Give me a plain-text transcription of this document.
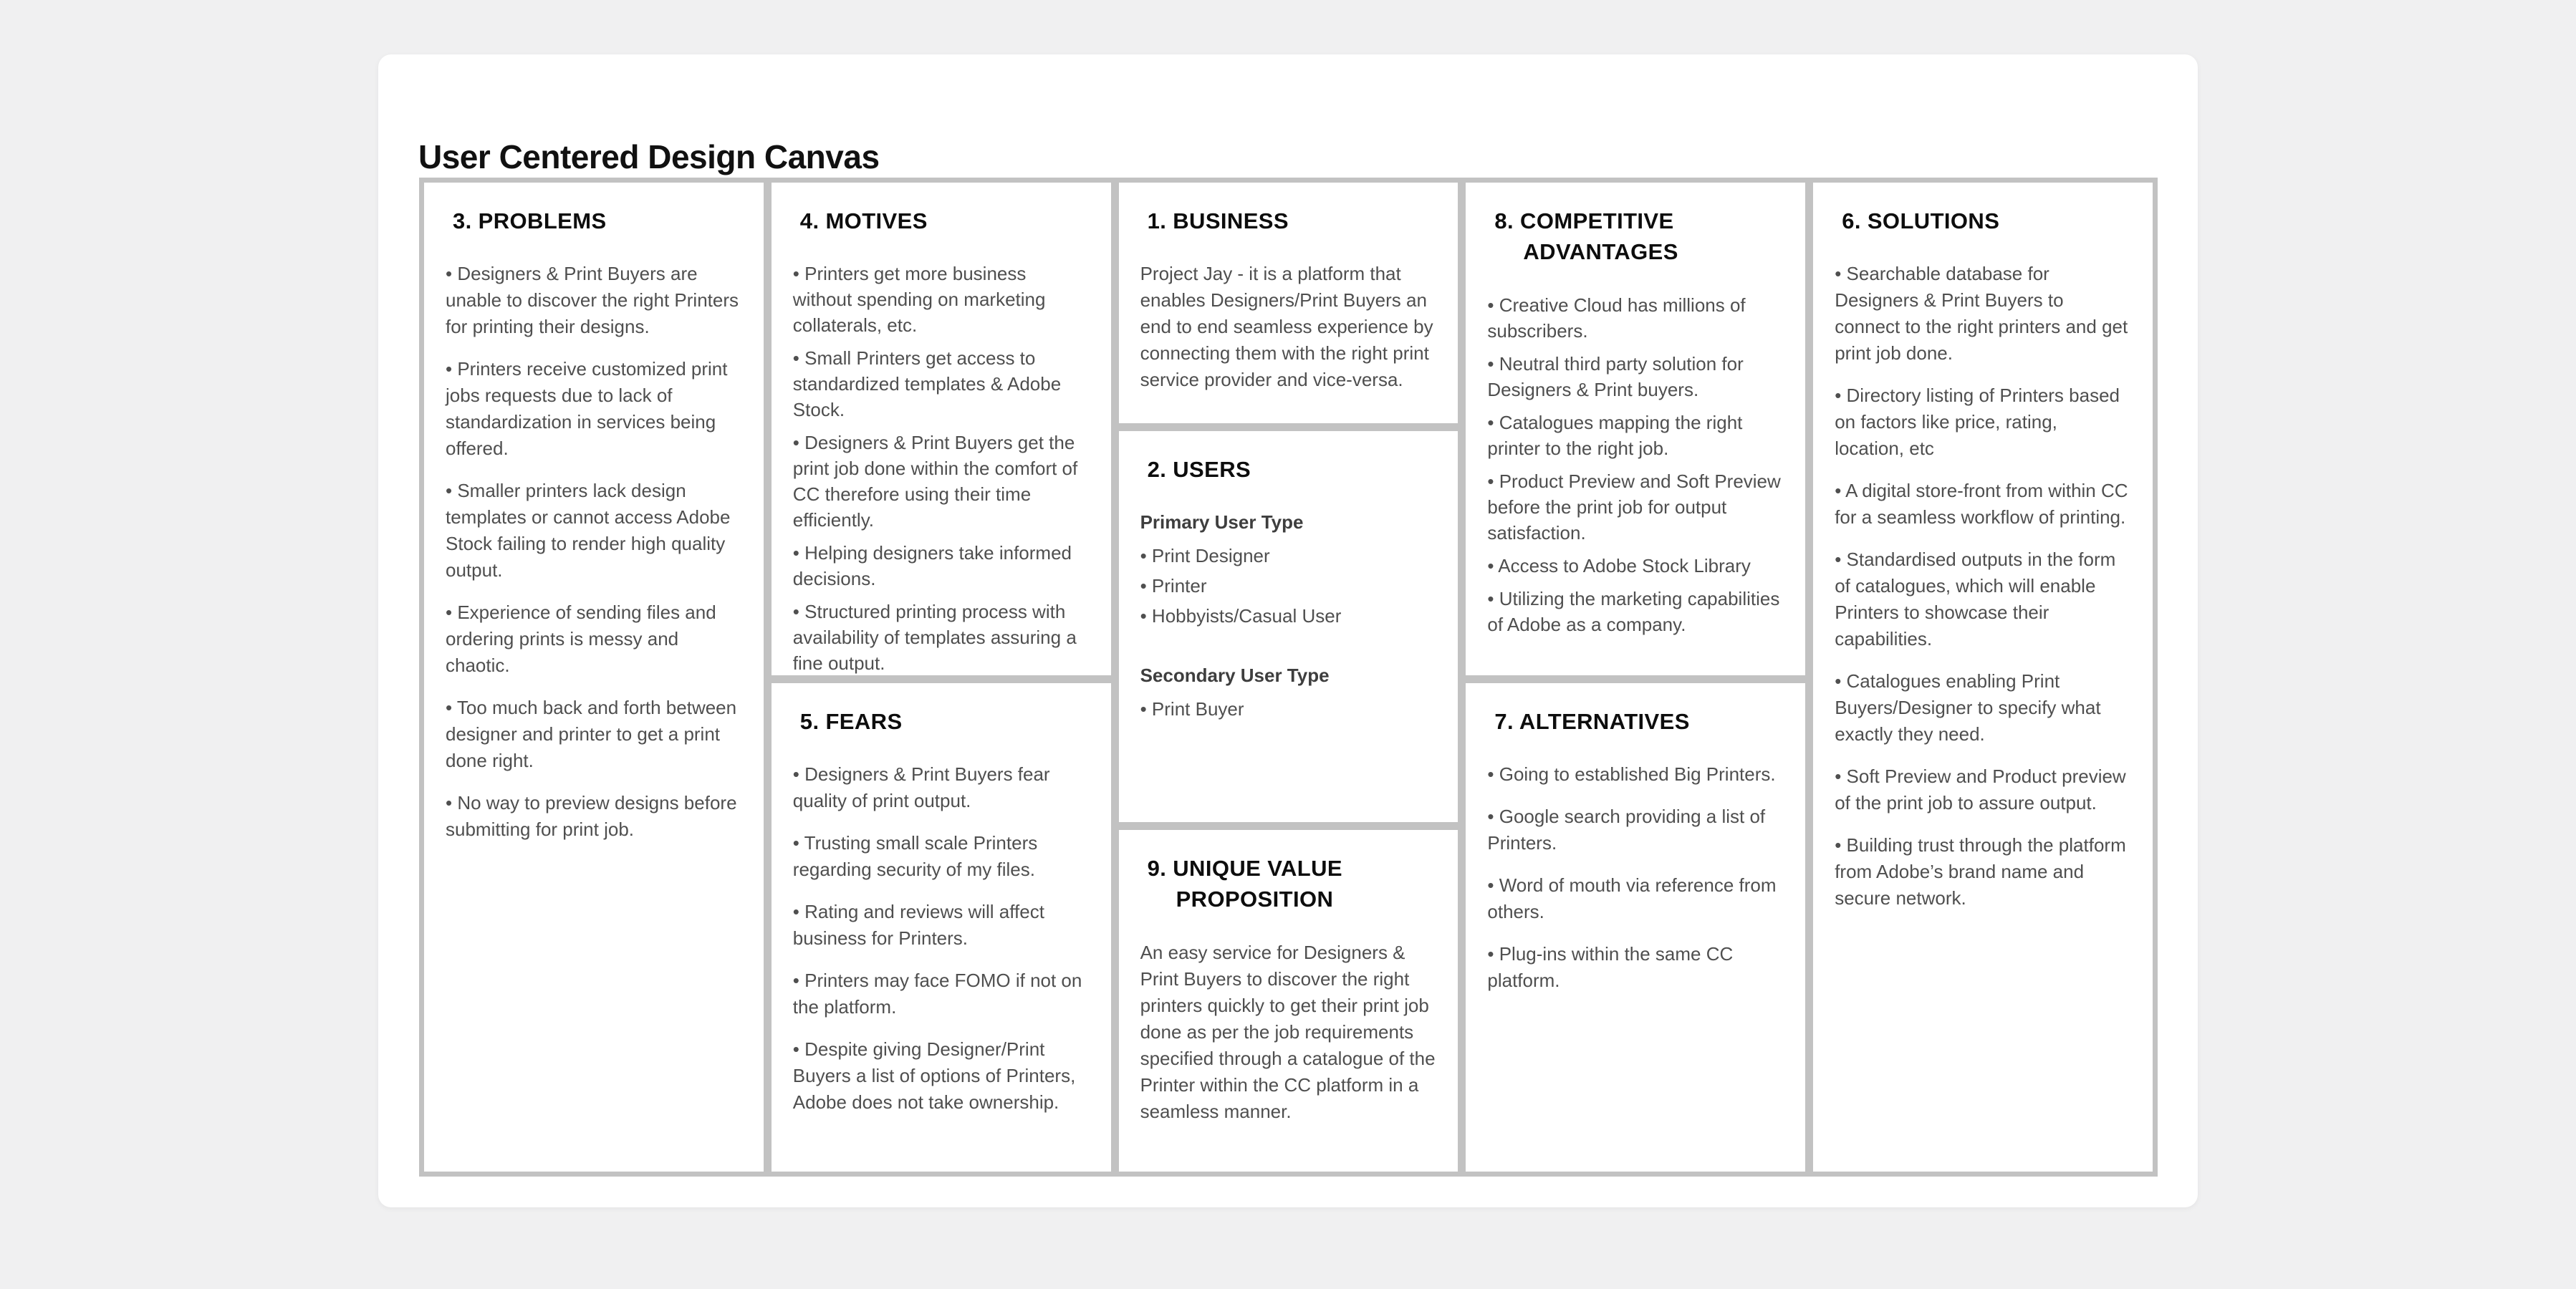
User Centered Design Canvas
3. PROBLEMS

• Designers & Print Buyers are unable to discover the right Printers for printing their designs.

• Printers receive customized print jobs requests due to lack of standardization in services being offered.

• Smaller printers lack design templates or cannot access Adobe Stock failing to render high quality output.

• Experience of sending files and ordering prints is messy and chaotic.

• Too much back and forth between designer and printer to get a print done right.

• No way to preview designs before submitting for print job.

4. MOTIVES

• Printers get more business without spending on marketing collaterals, etc.

• Small Printers get access to standardized templates & Adobe Stock.

• Designers & Print Buyers get the print job done within the comfort of CC therefore using their time efficiently.

• Helping designers take informed decisions.

• Structured printing process with availability of templates assuring a fine output.

5. FEARS

• Designers & Print Buyers fear quality of print output.

• Trusting small scale Printers regarding security of my files.

• Rating and reviews will affect business for Printers.

• Printers may face FOMO if not on the platform.

• Despite giving Designer/Print Buyers a list of options of Printers, Adobe does not take ownership.

1. BUSINESS

Project Jay - it is a platform that enables Designers/Print Buyers an end to end seamless experience by connecting them with the right print service provider and vice-versa.

2. USERS

Primary User Type

• Print Designer

• Printer

• Hobbyists/Casual User

Secondary User Type

• Print Buyer

9. UNIQUE VALUE PROPOSITION

An easy service for Designers & Print Buyers to discover the right printers quickly to get their print job done as per the job requirements specified through a catalogue of the Printer within the CC platform in a seamless manner.

8. COMPETITIVE ADVANTAGES

• Creative Cloud has millions of subscribers.

• Neutral third party solution for Designers & Print buyers.

• Catalogues mapping the right printer to the right job.

• Product Preview and Soft Preview before the print job for output satisfaction.

• Access to Adobe Stock Library

• Utilizing the marketing capabilities of Adobe as a company.

7. ALTERNATIVES

• Going to established Big Printers.

• Google search providing a list of Printers.

• Word of mouth via reference from others.

• Plug-ins within the same CC platform.

6. SOLUTIONS

• Searchable database for Designers & Print Buyers to connect to the right printers and get print job done.

• Directory listing of Printers based on factors like price, rating, location, etc

• A digital store-front from within CC for a seamless workflow of printing.

• Standardised outputs in the form of catalogues, which will enable Printers to showcase their capabilities.

• Catalogues enabling Print Buyers/Designer to specify what exactly they need.

• Soft Preview and Product preview of the print job to assure output.

• Building trust through the platform from Adobe’s brand name and secure network.
